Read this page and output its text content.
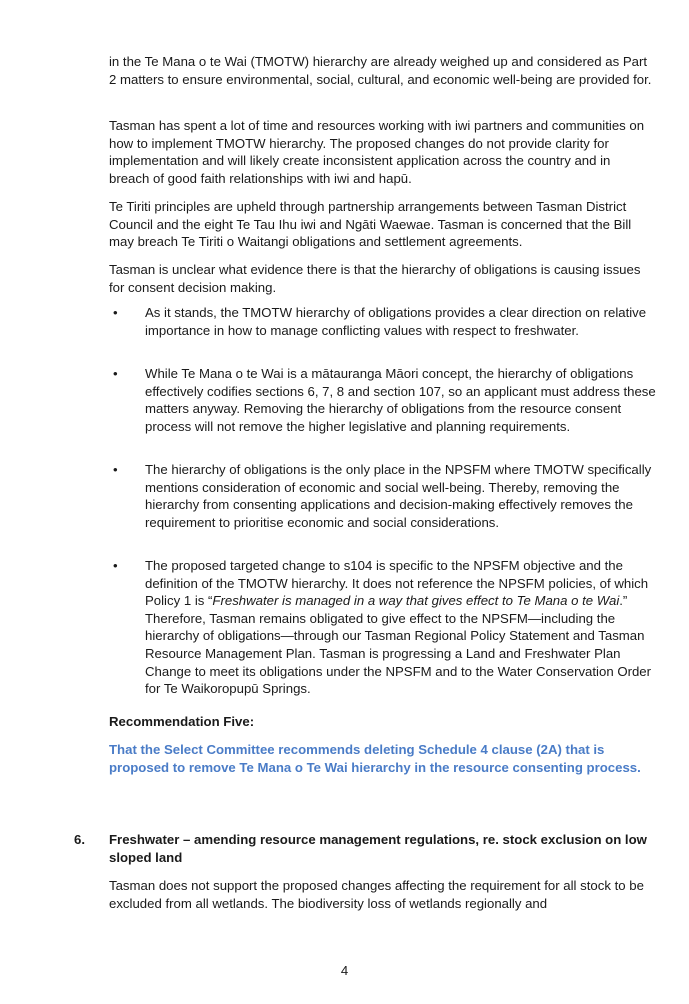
in the Te Mana o te Wai (TMOTW) hierarchy are already weighed up and considered as Part 2 matters to ensure environmental, social, cultural, and economic well-being are provided for.

Tasman has spent a lot of time and resources working with iwi partners and communities on how to implement TMOTW hierarchy. The proposed changes do not provide clarity for implementation and will likely create inconsistent application across the country and in breach of good faith relationships with iwi and hapū.

Te Tiriti principles are upheld through partnership arrangements between Tasman District Council and the eight Te Tau Ihu iwi and Ngāti Waewae. Tasman is concerned that the Bill may breach Te Tiriti o Waitangi obligations and settlement agreements.

Tasman is unclear what evidence there is that the hierarchy of obligations is causing issues for consent decision making.

• As it stands, the TMOTW hierarchy of obligations provides a clear direction on relative importance in how to manage conflicting values with respect to freshwater.

• While Te Mana o te Wai is a mātauranga Māori concept, the hierarchy of obligations effectively codifies sections 6, 7, 8 and section 107, so an applicant must address these matters anyway. Removing the hierarchy of obligations from the resource consent process will not remove the higher legislative and planning requirements.

• The hierarchy of obligations is the only place in the NPSFM where TMOTW specifically mentions consideration of economic and social well-being. Thereby, removing the hierarchy from consenting applications and decision-making effectively removes the requirement to prioritise economic and social considerations.

• The proposed targeted change to s104 is specific to the NPSFM objective and the definition of the TMOTW hierarchy. It does not reference the NPSFM policies, of which Policy 1 is “Freshwater is managed in a way that gives effect to Te Mana o te Wai.” Therefore, Tasman remains obligated to give effect to the NPSFM—including the hierarchy of obligations—through our Tasman Regional Policy Statement and Tasman Resource Management Plan. Tasman is progressing a Land and Freshwater Plan Change to meet its obligations under the NPSFM and to the Water Conservation Order for Te Waikoropupū Springs.

Recommendation Five:

That the Select Committee recommends deleting Schedule 4 clause (2A) that is proposed to remove Te Mana o Te Wai hierarchy in the resource consenting process.

6. Freshwater – amending resource management regulations, re. stock exclusion on low sloped land

Tasman does not support the proposed changes affecting the requirement for all stock to be excluded from all wetlands. The biodiversity loss of wetlands regionally and

4
